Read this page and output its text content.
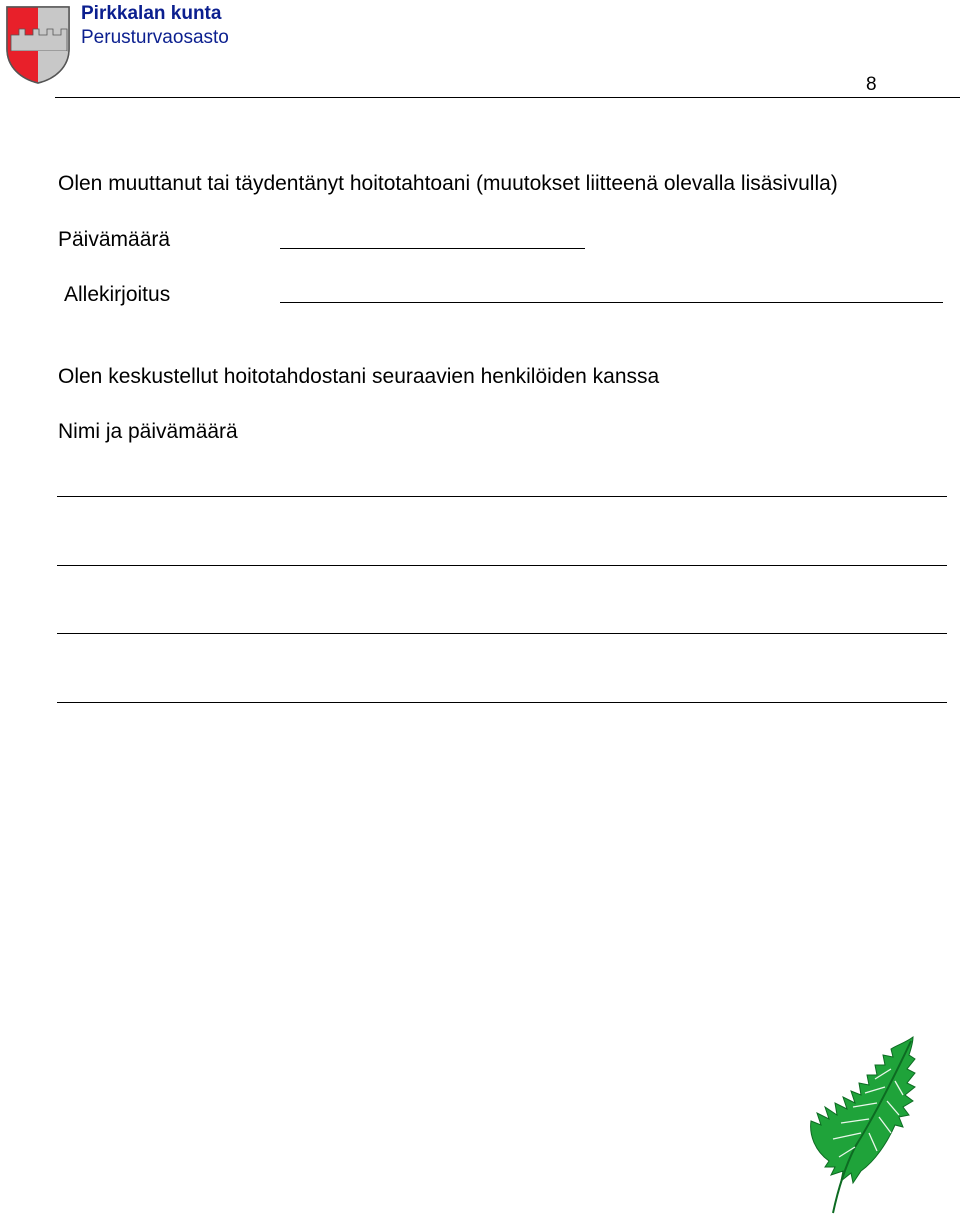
Pirkkalan kunta
Perusturvaosasto
8
Olen muuttanut tai täydentänyt hoitotahtoani (muutokset liitteenä olevalla lisäsivulla)
Päivämäärä
Allekirjoitus
Olen keskustellut hoitotahdostani seuraavien henkilöiden kanssa
Nimi ja päivämäärä
